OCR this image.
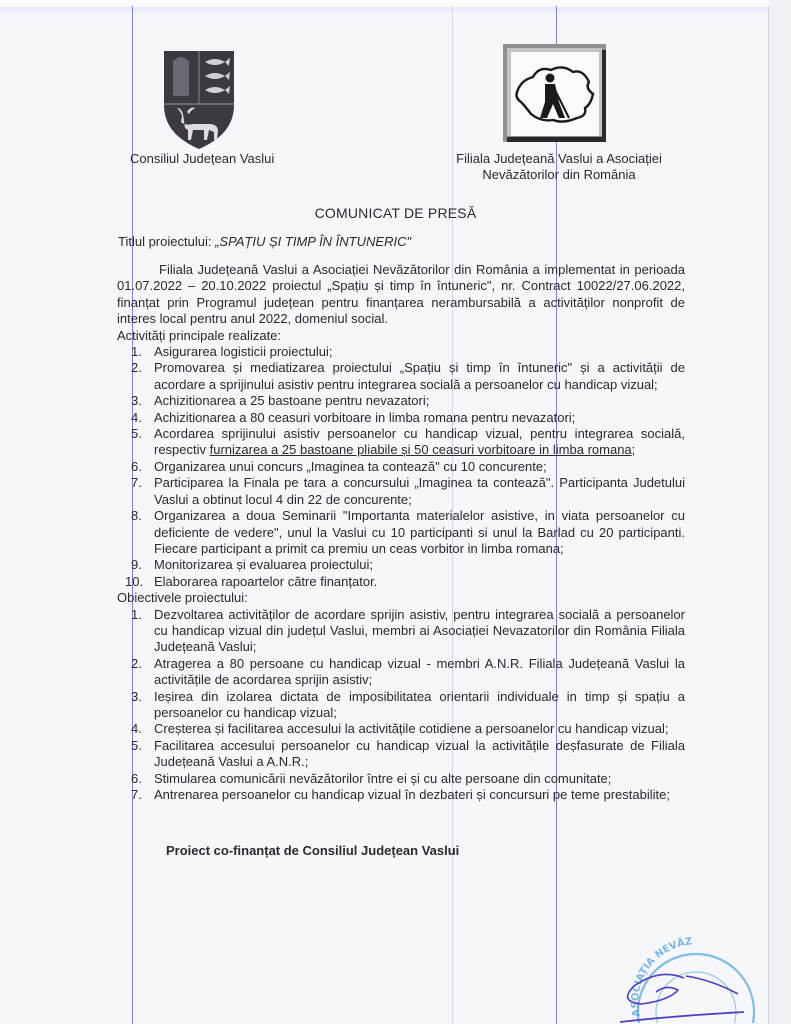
Consiliul Județean Vaslui	Filiala Județeană Vaslui a Asociației
Nevăzătorilor din România
COMUNICAT DE PRESĂ
Titlul proiectului: „SPAȚIU ȘI TIMP ÎN ÎNTUNERIC"

Filiala Județeană Vaslui a Asociației Nevăzătorilor din România a implementat in perioada 01.07.2022 – 20.10.2022 proiectul „Spațiu și timp în întuneric", nr. Contract 10022/27.06.2022, finanțat prin Programul județean pentru finanțarea nerambursabilă a activităților nonprofit de interes local pentru anul 2022, domeniul social.

Activități principale realizate:

1. Asigurarea logisticii proiectului;
2. Promovarea și mediatizarea proiectului „Spațiu și timp în întuneric" și a activității de acordare a sprijinului asistiv pentru integrarea socială a persoanelor cu handicap vizual;
3. Achizitionarea a 25 bastoane pentru nevazatori;
4. Achizitionarea a 80 ceasuri vorbitoare in limba romana pentru nevazatori;
5. Acordarea sprijinului asistiv persoanelor cu handicap vizual, pentru integrarea socială, respectiv furnizarea a 25 bastoane pliabile și 50 ceasuri vorbitoare in limba romana;
6. Organizarea unui concurs „Imaginea ta contează" cu 10 concurente;
7. Participarea la Finala pe tara a concursului „Imaginea ta contează". Participanta Judetului Vaslui a obtinut locul 4 din 22 de concurente;
8. Organizarea a doua Seminarii "Importanta materialelor asistive, in viata persoanelor cu deficiente de vedere", unul la Vaslui cu 10 participanti si unul la Barlad cu 20 participanti. Fiecare participant a primit ca premiu un ceas vorbitor in limba romana;
9. Monitorizarea și evaluarea proiectului;
10. Elaborarea rapoartelor către finanțator.

Obiectivele proiectului:

1. Dezvoltarea activităților de acordare sprijin asistiv, pentru integrarea socială a persoanelor cu handicap vizual din județul Vaslui, membri ai Asociației Nevazatorilor din România Filiala Județeană Vaslui;
2. Atragerea a 80 persoane cu handicap vizual - membri A.N.R. Filiala Județeană Vaslui la activitățile de acordarea sprijin asistiv;
3. Ieșirea din izolarea dictata de imposibilitatea orientarii individuale in timp și spațiu a persoanelor cu handicap vizual;
4. Creșterea și facilitarea accesului la activitățile cotidiene a persoanelor cu handicap vizual;
5. Facilitarea accesului persoanelor cu handicap vizual la activitățile deșfasurate de Filiala Județeană Vaslui a A.N.R.;
6. Stimularea comunicării nevăzătorilor între ei și cu alte persoane din comunitate;
7. Antrenarea persoanelor cu handicap vizual în dezbateri și concursuri pe teme prestabilite;
Proiect co-finanțat de Consiliul Județean Vaslui
ASOCIAȚIA NEVĂZ
